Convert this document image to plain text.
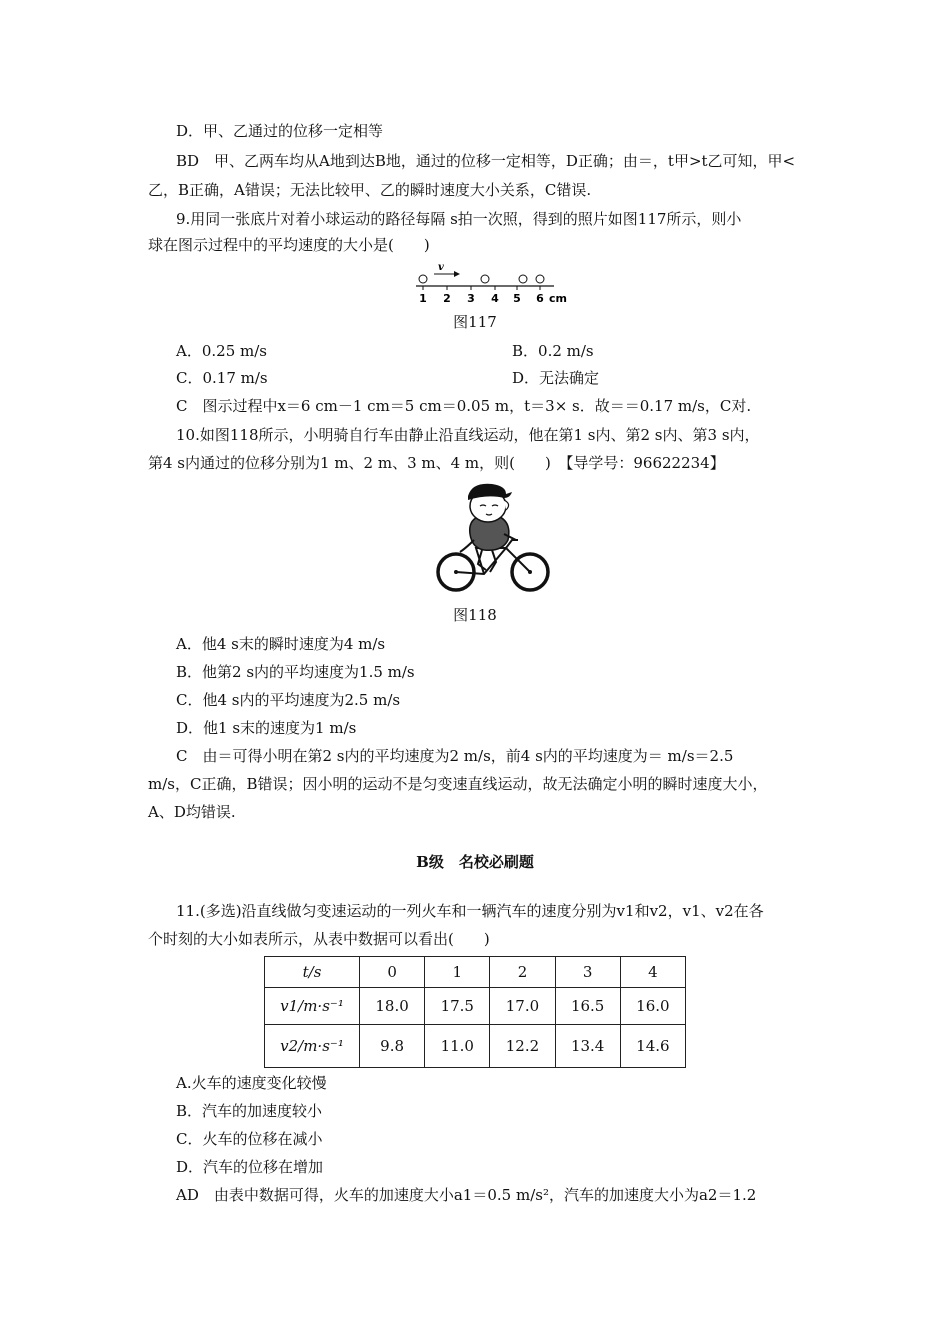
D．甲、乙通过的位移一定相等
BD　甲、乙两车均从A地到达B地，通过的位移一定相等，D正确；由＝，t甲>t乙可知，甲<
乙，B正确，A错误；无法比较甲、乙的瞬时速度大小关系，C错误.
9.用同一张底片对着小球运动的路径每隔 s拍一次照，得到的照片如图117所示，则小
球在图示过程中的平均速度的大小是(　　)
v
1 2 3 4 5 6 cm
图117
A．0.25 m/s	B．0.2 m/s
C．0.17 m/s	D．无法确定
C　图示过程中x＝6 cm－1 cm＝5 cm＝0.05 m，t＝3× s．故＝＝0.17 m/s，C对.
10.如图118所示，小明骑自行车由静止沿直线运动，他在第1 s内、第2 s内、第3 s内，
第4 s内通过的位移分别为1 m、2 m、3 m、4 m，则(　　)　【导学号：96622234】
图118
A．他4 s末的瞬时速度为4 m/s
B．他第2 s内的平均速度为1.5 m/s
C．他4 s内的平均速度为2.5 m/s
D．他1 s末的速度为1 m/s
C　由＝可得小明在第2 s内的平均速度为2 m/s，前4 s内的平均速度为＝ m/s＝2.5
m/s，C正确，B错误；因小明的运动不是匀变速直线运动，故无法确定小明的瞬时速度大小，
A、D均错误.
B级　名校必刷题
11.(多选)沿直线做匀变速运动的一列火车和一辆汽车的速度分别为v1和v2，v1、v2在各
个时刻的大小如表所示，从表中数据可以看出(　　)
t/s	0	1	2	3	4
v1/m·s⁻¹	18.0	17.5	17.0	16.5	16.0
v2/m·s⁻¹	9.8	11.0	12.2	13.4	14.6
A.火车的速度变化较慢
B．汽车的加速度较小
C．火车的位移在减小
D．汽车的位移在增加
AD　由表中数据可得，火车的加速度大小a1＝0.5 m/s²，汽车的加速度大小为a2＝1.2
